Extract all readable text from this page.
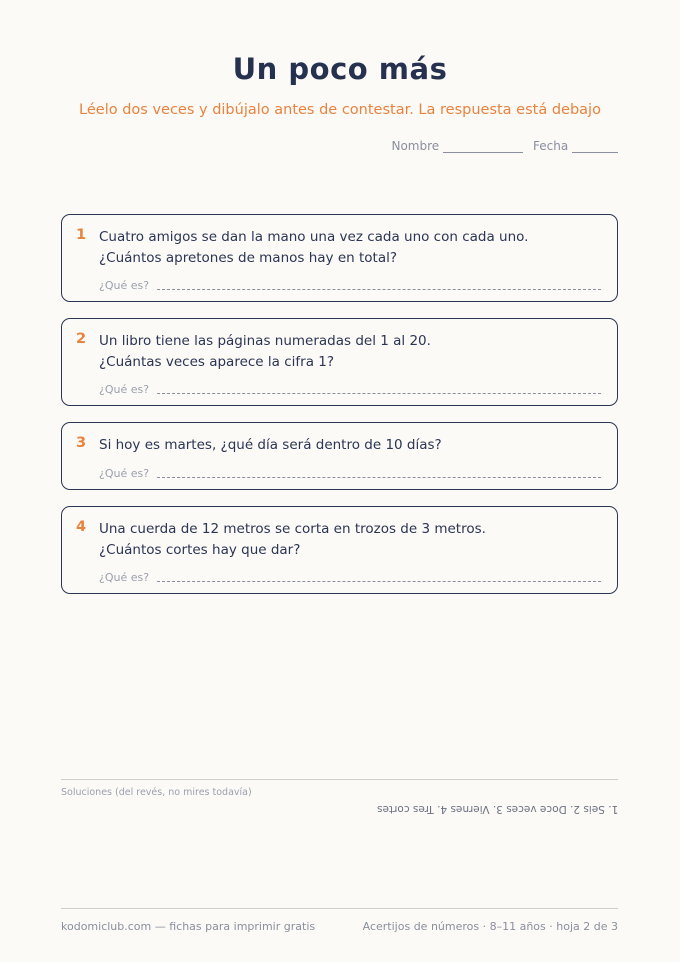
Un poco más
Léelo dos veces y dibújalo antes de contestar. La respuesta está debajo
Nombre	Fecha
1 Cuatro amigos se dan la mano una vez cada uno con cada uno.
¿Cuántos apretones de manos hay en total?
¿Qué es?
2 Un libro tiene las páginas numeradas del 1 al 20.
¿Cuántas veces aparece la cifra 1?
¿Qué es?
3 Si hoy es martes, ¿qué día será dentro de 10 días?
¿Qué es?
4 Una cuerda de 12 metros se corta en trozos de 3 metros.
¿Cuántos cortes hay que dar?
¿Qué es?
Soluciones (del revés, no mires todavía)
1. Seis 2. Doce veces 3. Viernes 4. Tres cortes
kodomiclub.com — fichas para imprimir gratis	Acertijos de números · 8–11 años · hoja 2 de 3
